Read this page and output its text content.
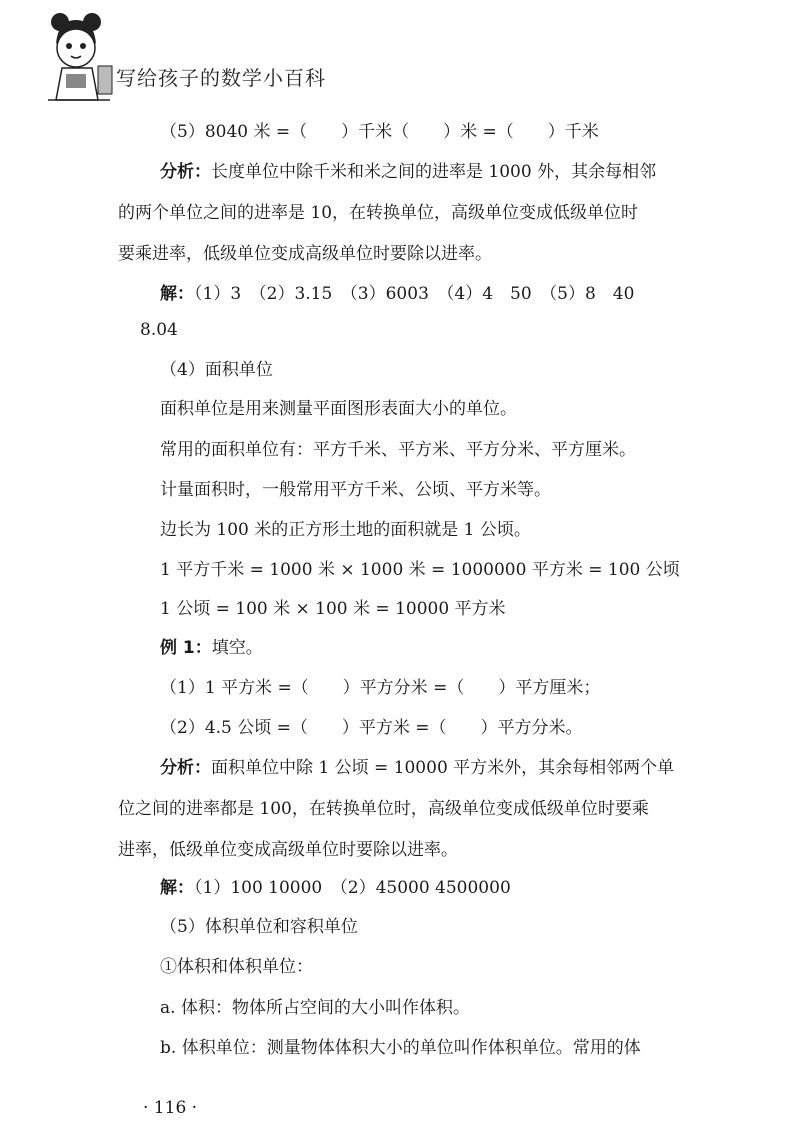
写给孩子的数学小百科
（5）8040 米 =（　　）千米（　　）米 =（　　）千米
分析：长度单位中除千米和米之间的进率是 1000 外，其余每相邻
的两个单位之间的进率是 10，在转换单位，高级单位变成低级单位时
要乘进率，低级单位变成高级单位时要除以进率。
解：（1）3　（2）3.15　（3）6003　（4）4　50　（5）8　40
8.04
（4）面积单位
面积单位是用来测量平面图形表面大小的单位。
常用的面积单位有：平方千米、平方米、平方分米、平方厘米。
计量面积时，一般常用平方千米、公顷、平方米等。
边长为 100 米的正方形土地的面积就是 1 公顷。
1 平方千米 = 1000 米 × 1000 米 = 1000000 平方米 = 100 公顷
1 公顷 = 100 米 × 100 米 = 10000 平方米
例 1：填空。
（1）1 平方米 =（　　）平方分米 =（　　）平方厘米；
（2）4.5 公顷 =（　　）平方米 =（　　）平方分米。
分析：面积单位中除 1 公顷 = 10000 平方米外，其余每相邻两个单
位之间的进率都是 100，在转换单位时，高级单位变成低级单位时要乘
进率，低级单位变成高级单位时要除以进率。
解：（1）100 10000　（2）45000 4500000
（5）体积单位和容积单位
①体积和体积单位：
a. 体积：物体所占空间的大小叫作体积。
b. 体积单位：测量物体体积大小的单位叫作体积单位。常用的体
· 116 ·
